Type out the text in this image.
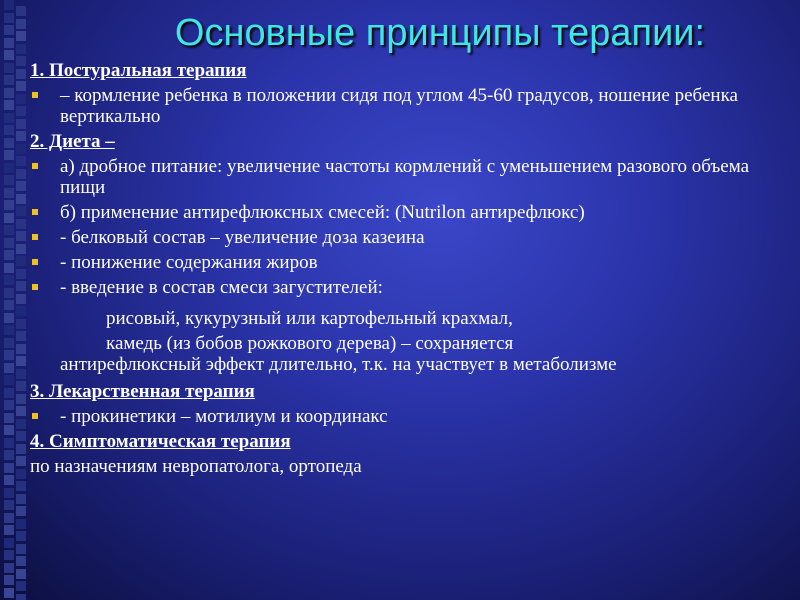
Основные принципы терапии:
1. Постуральная терапия
– кормление ребенка в положении сидя под углом 45-60 градусов, ношение ребенка вертикально
2. Диета –
а) дробное питание: увеличение частоты кормлений с уменьшением разового объема пищи
б) применение антирефлюксных смесей: (Nutrilon антирефлюкс)
- белковый состав – увеличение доза казеина
- понижение содержания жиров
- введение в состав смеси загустителей:
рисовый, кукурузный или картофельный крахмал,
камедь (из бобов рожкового дерева) – сохраняется
антирефлюксный эффект длительно, т.к. на участвует в метаболизме
3. Лекарственная терапия
- прокинетики – мотилиум и координакс
4. Симптоматическая терапия
по назначениям невропатолога, ортопеда
